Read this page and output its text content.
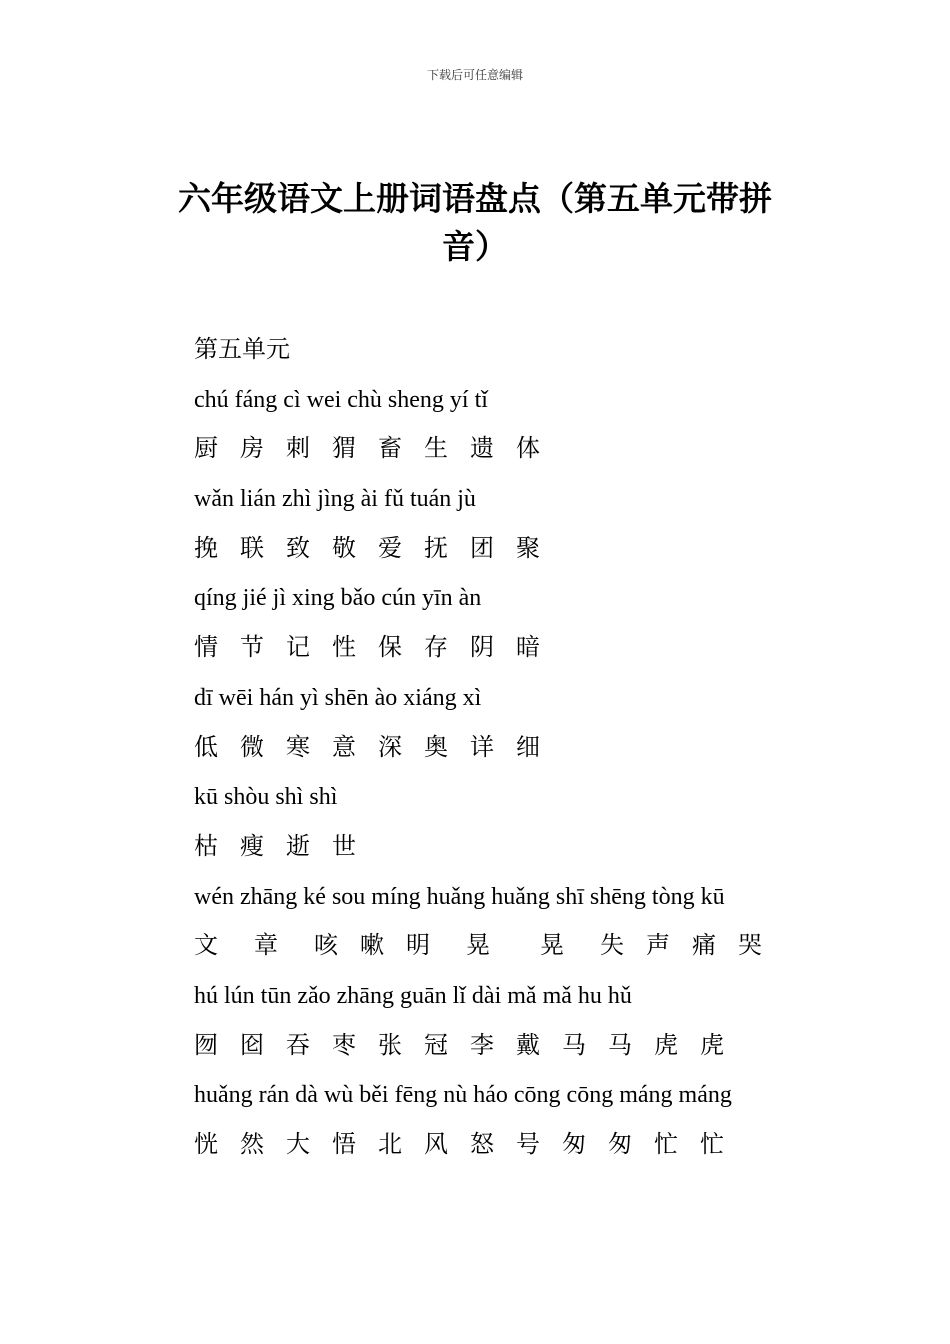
下载后可任意编辑
六年级语文上册词语盘点（第五单元带拼
音）
第五单元
chú fáng cì wei chù sheng yí tǐ
厨 房 刺 猬 畜 生 遗 体
wǎn lián zhì jìng ài fǔ tuán jù
挽 联 致 敬 爱 抚 团 聚
qíng jié jì xing bǎo cún yīn àn
情 节 记 性 保 存 阴 暗
dī wēi hán yì shēn ào xiáng xì
低 微 寒 意 深 奥 详 细
kū shòu shì shì
枯 瘦 逝 世
wén zhāng ké sou míng huǎng huǎng shī shēng tòng kū
文  章  咳 嗽 明  晃   晃  失 声 痛 哭
hú lún tūn zǎo zhāng guān lǐ dài mǎ mǎ hu hǔ
囫 囵 吞 枣 张 冠 李 戴 马 马 虎 虎
huǎng rán dà wù běi fēng nù háo cōng cōng máng máng
恍 然 大 悟 北 风 怒 号 匆 匆 忙 忙
